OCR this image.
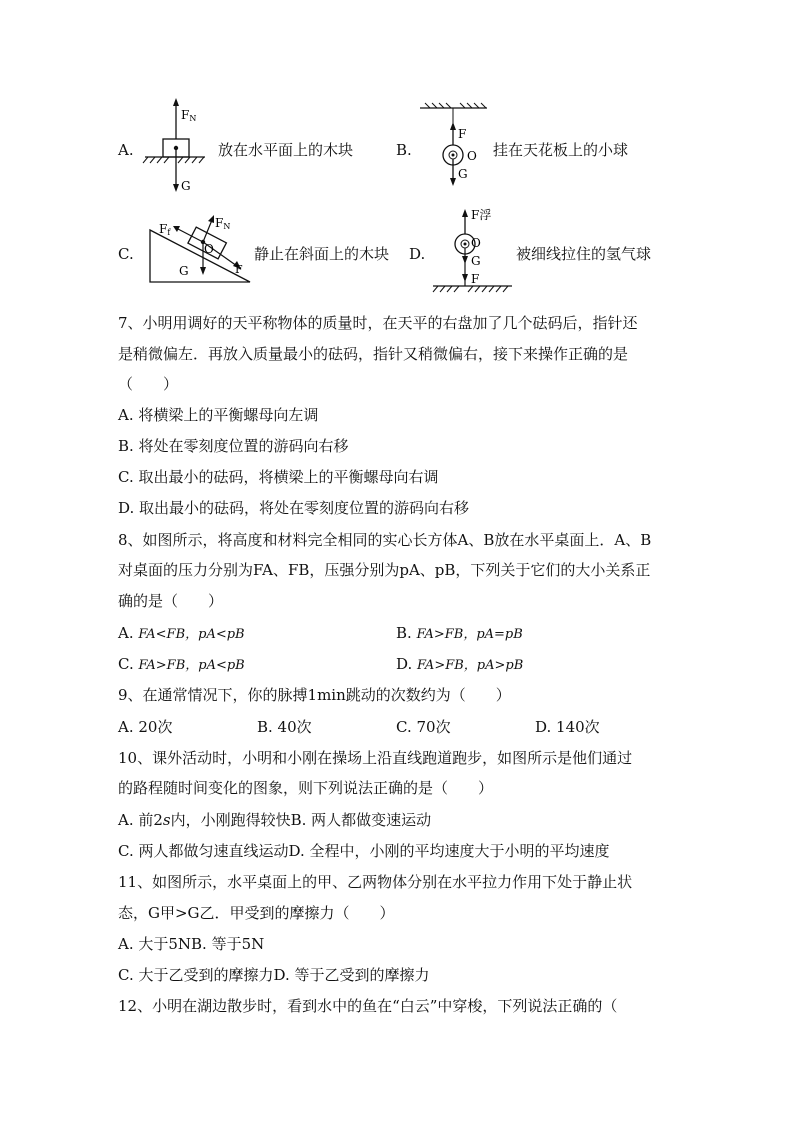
A.
FN
G
放在水平面上的木块	B.
F
O
G
挂在天花板上的小球
C.
Ff
FN
O
G	F
静止在斜面上的木块 D.
F浮
O
G
F
被细线拉住的氢气球
7、小明用调好的天平称物体的质量时，在天平的右盘加了几个砝码后，指针还
是稍微偏左．再放入质量最小的砝码，指针又稍微偏右，接下来操作正确的是
（　　）
A. 将横梁上的平衡螺母向左调
B. 将处在零刻度位置的游码向右移
C. 取出最小的砝码，将横梁上的平衡螺母向右调
D. 取出最小的砝码，将处在零刻度位置的游码向右移
8、如图所示，将高度和材料完全相同的实心长方体A、B放在水平桌面上．A、B
对桌面的压力分别为FA、FB，压强分别为pA、pB，下列关于它们的大小关系正
确的是（　　）
A. FA<FB，pA<pB	B. FA>FB，pA=pB
C. FA>FB，pA<pB	D. FA>FB，pA>pB
9、在通常情况下，你的脉搏1min跳动的次数约为（　　）
A. 20次	B. 40次	C. 70次	D. 140次
10、课外活动时，小明和小刚在操场上沿直线跑道跑步，如图所示是他们通过
的路程随时间变化的图象，则下列说法正确的是（　　）
A. 前2s内，小刚跑得较快B. 两人都做变速运动
C. 两人都做匀速直线运动D. 全程中，小刚的平均速度大于小明的平均速度
11、如图所示，水平桌面上的甲、乙两物体分别在水平拉力作用下处于静止状
态，G甲>G乙．甲受到的摩擦力（　　）
A. 大于5NB. 等于5N
C. 大于乙受到的摩擦力D. 等于乙受到的摩擦力
12、小明在湖边散步时，看到水中的鱼在“白云”中穿梭，下列说法正确的（
